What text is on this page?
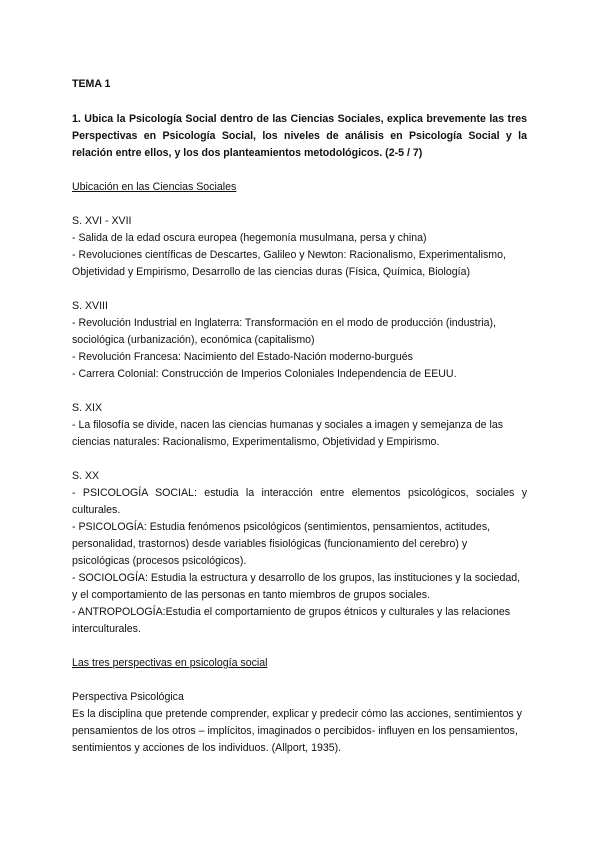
TEMA 1

1. Ubica la Psicología Social dentro de las Ciencias Sociales, explica brevemente las tres Perspectivas en Psicología Social, los niveles de análisis en Psicología Social y la relación entre ellos, y los dos planteamientos metodológicos. (2-5 / 7)

Ubicación en las Ciencias Sociales

S. XVI - XVII

- Salida de la edad oscura europea (hegemonía musulmana, persa y china)

- Revoluciones científicas de Descartes, Galileo y Newton: Racionalismo, Experimentalismo, Objetividad y Empirismo, Desarrollo de las ciencias duras (Física, Química, Biología)

S. XVIII

- Revolución Industrial en Inglaterra: Transformación en el modo de producción (industria), sociológica (urbanización), económica (capitalismo)

- Revolución Francesa: Nacimiento del Estado-Nación moderno-burgués

- Carrera Colonial: Construcción de Imperios Coloniales Independencia de EEUU.

S. XIX

- La filosofía se divide, nacen las ciencias humanas y sociales a imagen y semejanza de las ciencias naturales: Racionalismo, Experimentalismo, Objetividad y Empirismo.

S. XX

- PSICOLOGÍA SOCIAL: estudia la interacción entre elementos psicológicos, sociales y culturales.

- PSICOLOGÍA: Estudia fenómenos psicológicos (sentimientos, pensamientos, actitudes, personalidad, trastornos) desde variables fisiológicas (funcionamiento del cerebro) y psicológicas (procesos psicológicos).

- SOCIOLOGÍA: Estudia la estructura y desarrollo de los grupos, las instituciones y la sociedad, y el comportamiento de las personas en tanto miembros de grupos sociales.

- ANTROPOLOGÍA:Estudia el comportamiento de grupos étnicos y culturales y las relaciones interculturales.

Las tres perspectivas en psicología social

Perspectiva Psicológica

Es la disciplina que pretende comprender, explicar y predecir cómo las acciones, sentimientos y pensamientos de los otros – implícitos, imaginados o percibidos- influyen en los pensamientos, sentimientos y acciones de los individuos. (Allport, 1935).
